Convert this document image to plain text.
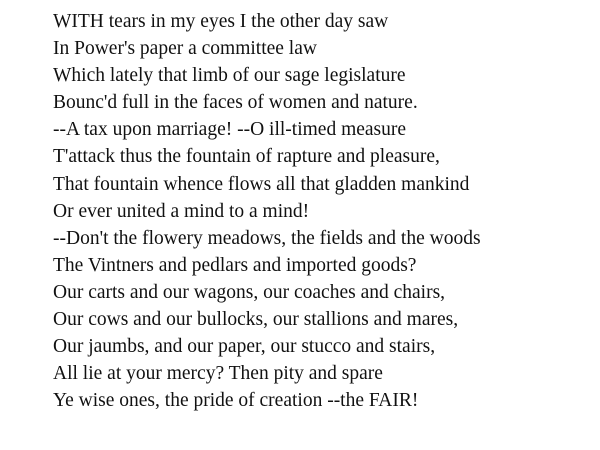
WITH tears in my eyes I the other day saw
In Power's paper a committee law
Which lately that limb of our sage legislature
Bounc'd full in the faces of women and nature.
--A tax upon marriage! --O ill-timed measure
T'attack thus the fountain of rapture and pleasure,
That fountain whence flows all that gladden mankind
Or ever united a mind to a mind!
--Don't the flowery meadows, the fields and the woods
The Vintners and pedlars and imported goods?
Our carts and our wagons, our coaches and chairs,
Our cows and our bullocks, our stallions and mares,
Our jaumbs, and our paper, our stucco and stairs,
All lie at your mercy? Then pity and spare
Ye wise ones, the pride of creation --the FAIR!
